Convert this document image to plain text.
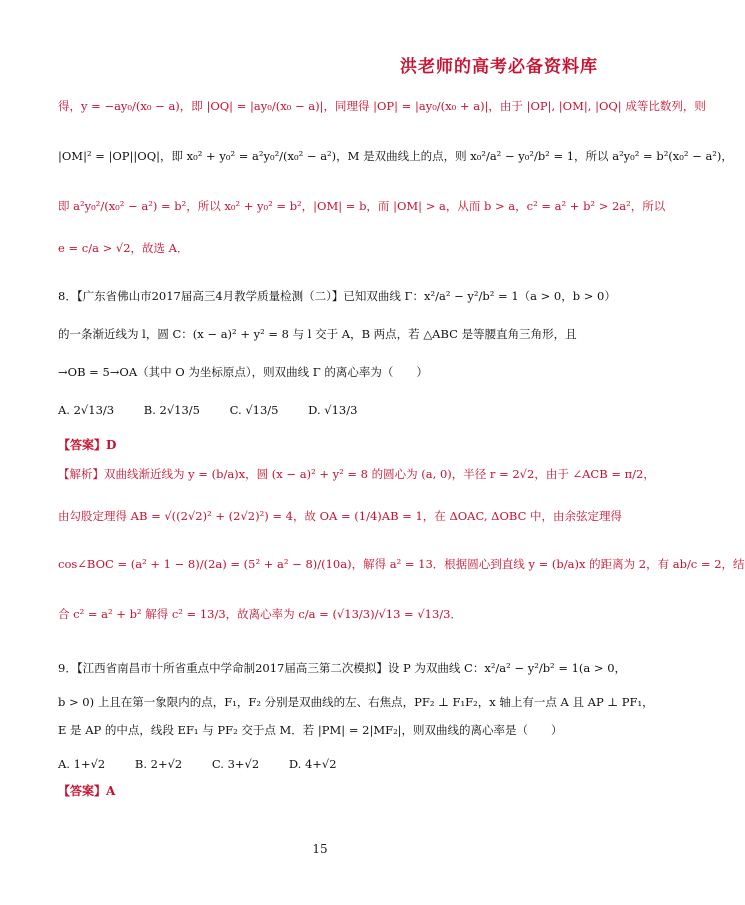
洪老师的高考必备资料库
得，y = −ay₀/(x₀ − a)，即 |OQ| = |ay₀/(x₀ − a)|，同理得 |OP| = |ay₀/(x₀ + a)|，由于 |OP|, |OM|, |OQ| 成等比数列，则
|OM|² = |OP||OQ|，即 x₀² + y₀² = a²y₀²/(x₀² − a²)，M 是双曲线上的点，则 x₀²/a² − y₀²/b² = 1，所以 a²y₀² = b²(x₀² − a²)，
即 a²y₀²/(x₀² − a²) = b²，所以 x₀² + y₀² = b²，|OM| = b，而 |OM| > a，从而 b > a，c² = a² + b² > 2a²，所以
e = c/a > √2，故选 A．
8．【广东省佛山市2017届高三4月教学质量检测（二）】已知双曲线 Γ：x²/a² − y²/b² = 1（a > 0，b > 0）
的一条渐近线为 l，圆 C：(x − a)² + y² = 8 与 l 交于 A，B 两点，若 △ABC 是等腰直角三角形，且
→OB = 5→OA（其中 O 为坐标原点），则双曲线 Γ 的离心率为（　　）
A. 2√13/3	B. 2√13/5	C. √13/5	D. √13/3
【答案】D
【解析】双曲线渐近线为 y = (b/a)x，圆 (x − a)² + y² = 8 的圆心为 (a, 0)，半径 r = 2√2，由于 ∠ACB = π/2，
由勾股定理得 AB = √((2√2)² + (2√2)²) = 4，故 OA = (1/4)AB = 1，在 ΔOAC, ΔOBC 中，由余弦定理得
cos∠BOC = (a² + 1 − 8)/(2a) = (5² + a² − 8)/(10a)，解得 a² = 13．根据圆心到直线 y = (b/a)x 的距离为 2，有 ab/c = 2，结
合 c² = a² + b² 解得 c² = 13/3，故离心率为 c/a = (√13/3)/√13 = √13/3．
9．【江西省南昌市十所省重点中学命制2017届高三第二次模拟】设 P 为双曲线 C：x²/a² − y²/b² = 1(a > 0，
b > 0) 上且在第一象限内的点，F₁，F₂ 分别是双曲线的左、右焦点，PF₂ ⊥ F₁F₂，x 轴上有一点 A 且 AP ⊥ PF₁，
E 是 AP 的中点，线段 EF₁ 与 PF₂ 交于点 M．若 |PM| = 2|MF₂|，则双曲线的离心率是（　　）
A. 1+√2	B. 2+√2	C. 3+√2	D. 4+√2
【答案】A
15
